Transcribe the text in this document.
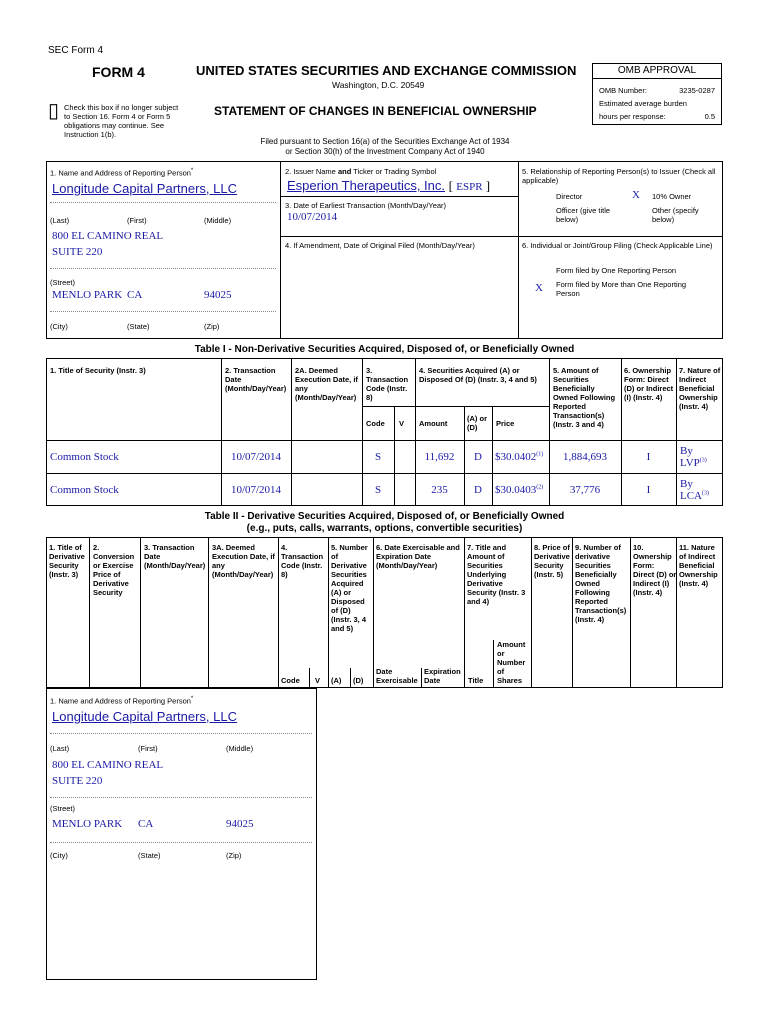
SEC Form 4
FORM 4	UNITED STATES SECURITIES AND EXCHANGE COMMISSION
Washington, D.C. 20549
▯ Check this box if no longer subject to Section 16. Form 4 or Form 5 obligations may continue. See Instruction 1(b).
STATEMENT OF CHANGES IN BENEFICIAL OWNERSHIP
Filed pursuant to Section 16(a) of the Securities Exchange Act of 1934
or Section 30(h) of the Investment Company Act of 1940
OMB APPROVAL
OMB Number:	3235-0287
Estimated average burden
hours per response:	0.5
1. Name and Address of Reporting Person*
Longitude Capital Partners, LLC
(Last)	(First)	(Middle)
800 EL CAMINO REAL
SUITE 220
(Street)
MENLO PARK CA	94025
(City)	(State)	(Zip)
2. Issuer Name and Ticker or Trading Symbol
Esperion Therapeutics, Inc. [ ESPR ]
3. Date of Earliest Transaction (Month/Day/Year)
10/07/2014
4. If Amendment, Date of Original Filed (Month/Day/Year)
5. Relationship of Reporting Person(s) to Issuer (Check all applicable)
Director	X 10% Owner
Officer (give title below)
Other (specify below)
6. Individual or Joint/Group Filing (Check Applicable Line)
Form filed by One Reporting Person
X Form filed by More than One Reporting Person
Table I - Non-Derivative Securities Acquired, Disposed of, or Beneficially Owned
1. Title of Security (Instr. 3)	2. Transaction Date (Month/Day/Year)
2A. Deemed Execution Date, if any (Month/Day/Year)
3. Transaction Code (Instr. 8)
4. Securities Acquired (A) or Disposed Of (D) (Instr. 3, 4 and 5)
5. Amount of Securities Beneficially Owned Following Reported Transaction(s) (Instr. 3 and 4)
6. Ownership Form: Direct (D) or Indirect (I) (Instr. 4)
7. Nature of Indirect Beneficial Ownership (Instr. 4)
Code V Amount
(A) or (D)	Price
Common Stock	10/07/2014	S	11,692	D	$30.0402$^{(1)}$	1,884,693	I	By
LVP$^{(3)}$
Common Stock	10/07/2014	S	235	D	$30.0403$^{(2)}$	37,776	I	By
LCA$^{(3)}$
Table II - Derivative Securities Acquired, Disposed of, or Beneficially Owned
(e.g., puts, calls, warrants, options, convertible securities)
1. Title of Derivative Security (Instr. 3)
2. Conversion or Exercise Price of Derivative Security
3. Transaction Date (Month/Day/Year)
3A. Deemed Execution Date, if any (Month/Day/Year)
4. Transaction Code (Instr. 8)
5. Number of Derivative Securities Acquired (A) or Disposed of (D) (Instr. 3, 4 and 5)
6. Date Exercisable and Expiration Date (Month/Day/Year)
7. Title and Amount of Securities Underlying Derivative Security (Instr. 3 and 4)
8. Price of Derivative Security (Instr. 5)
9. Number of derivative Securities Beneficially Owned Following Reported Transaction(s) (Instr. 4)
10. Ownership Form: Direct (D) or Indirect (I) (Instr. 4)
11. Nature of Indirect Beneficial Ownership (Instr. 4)
Code V (A) (D)
Date Exercisable
Expiration Date	Title
Amount or Number of Shares
1. Name and Address of Reporting Person*
Longitude Capital Partners, LLC
(Last)	(First)	(Middle)
800 EL CAMINO REAL
SUITE 220
(Street)
MENLO PARK CA	94025
(City)	(State)	(Zip)
